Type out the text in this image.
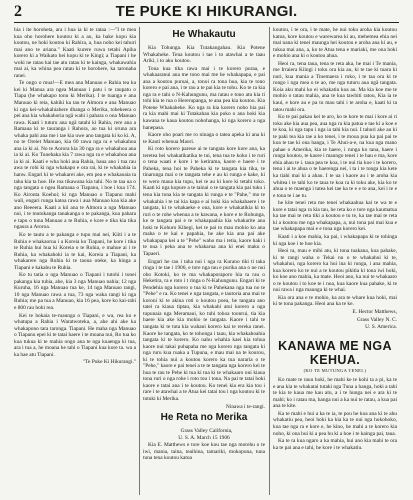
2	TE PUKE KI HIKURANGI.

hia i ite horoheta, ara i hua ia ki te rataa :—"I te mea kua oho horohere koutou ki a au, ka hake kopu kia koutou, ne hoki koutou ki Rahira, a, hua noho kei tahuri mai ano te ariana." Kaati kurere ruwa tetahi Apiha korero ki a Waikato hei kopu ki te Kingi; a Tiapani i he woki ne ratau kai tae atu ratau ki te kainga, whakawahia mai ai, ka whina pea ratau ki te horohere, ka taronaha ranei.

Te ongo o mua!—E mea ana Manuao e Rahia tea ka kei ki Manua ara ngea Manuao i patu i te raupatu o Tiapa (he whakapo tonu ki Merika). I te tuanga e ana Manuao ki reia, kahiki ka tau te Almora e ana Manuao ki nga kei-whakahiahere dhanga o Merika, tohekeera o pei ana kia whakahoria ngā wahi i pahara o ona Manuao rawa. Kaati i tuturu ana ngā tatahi ki Rahia, rere ana a Ramaua ki te tauranga i Rahora, ao tua ki oruna ara whaka pahi ana me i tae kia uwe ano tangata ki ko ki. A, no te Oreiet Manuao, kia 60 rawa nga ra e whakahoa ana ia ki ai. No te Aorora kia 30 nga ra e whakahoa ana ia ki ai. Ko Tunehaka kia 7 rawa nga ra e whakahoa ana ia ki ai. Kaati e wha hoki aua Rahia, haua ano i tua rau awa te rohi ki nga whakapo e ora rai, ki te whakahia ia hanw. Engari ki te whakarei ake, em pea e whakaoaia ta taha kia ta hoe. He roa tikawana kia tahi. No te taa ua o nga tangata o ngea Ramaua o Tiapanu, i hoe i kua 174. Ko Aironta Koehoi; ki nga Manuao o Tiapanu mahi wali, engari runga katoa rawa i aua Manuao koa kia ake ano Reeeera. Kaati a kii ana te Almora a nga Manuao nui, i te mutukanga tanakanga o te pakanga, kua pahara e tapu o tuna Manuao a te Ruhia, e kore e tika kia tika ngaura a Aroroa.

Ko te tautu a te pakanga e tupu mai nei, Kiiti i a te Ruhia e whakaorua i a Koreia ko Tiapani, he kore i tika te Ruhia hui hua ki Koreia o te Ruhia, e mahue ai i te Ruhia, ka whakahoki ia te kai, Koreia a Tiapani, ka whakarere nga Ruhia ki te taona oteke, ka hinga a Tiapani e kakahu te Ruhia.

Ko tu tatia o nga Manuao o Tiapani i tutohi i tonei pakanga kia tuhia, ahe, kia 3 nga Manuao nahia; 12 nga Kuruha, 16 nga Manuao tua ke, 14 nga Manuao rangi, 10 nga Manuao rawa a tua, 73 nga waka rangi ki nga Ruhia; me pa tua a Manuao, kia 16 pea, kore ko kai-rahi e 800 rau hohi rea.

Kei te hokaia te-ruaunga o Tiapani, e wa, rea ko e whatupa a Rahia i Waratwoteka, a, ahe ahi ake ka whakapono tara taronga. Tiapani. He maha nga Manuao o Tiapanu epei ki te tatai haere i te moana nui, Ro tua ko kua tukua ki te mahia ongo ana te nga kuaenga ki tua, ara i tua a, he moana he tahi o Tiapani kua kore ta. wa a ka hae atu Tiapani.

"Te Puke Ki Hikurangi."

He Whakautu

Kia Tohunga. Kia Tutakangahau. Kia Potene Whakaheke. Tena koutou i tae i to atawhai a te taau Ariki, i to aku koutou.

Tona kua tika rawa mai i te korero puraa, e whakaaranui ana me tono mai me he whakapapa, e pai ana a koutou puruai, a, tonoi ra tona hua, kia te tono korero e pai ana, i te rau a te pai kia te tohu. Ko te ra kia nga ra e tahi o N-Kahungunu, ma ratau e tono atu kia ti tohi kia te rua o Hererupanga, te ana pea kia koutou. Kia Potene Whakaheke. Ko nga ra kia korero noho hia pai ra kia mahi mai ki Tutakahau kia poko o ana hoki kia kawana te kaua koutou nohohanga, ki nga korero a nga hanepasa.

Kaore oho poari me ro ninaga o tatea apeka ki ana ki te Kauti whenua Maori.

Ki roto korero pareue ai te tangata kore kore ana, ka teretea hei whakatikatika te tui, tena tua te koko i te ruri o tena waati e kore i te ketirama, kaore e haere i te Paheka, tena hoi te Paheka ki te tangata kia tika, te tinarunga mai o te tangata tehe e au ki runga e kake, ki te wero maua kia tupu, kei te au ki kore ki tetahi toko. Kaati ki nga kopure a te tainai o te tangata kia pai tuku i tena kia tona kia te tangata ki runga e te "Pahe," mo te whakahia i te tai kia kapa e ai hoki kia whakahaere i te tangata, ki te whakaeke e ona, kore e whakatikia ki to ruri o te rohe whenua a te kawana, e kore e te Rohunga, ke te tangata pai e te whakapaahia kia whakarite ana hoki te Kohuro Kihegi, kei te pai to mau mohio ko ana maha o te kai e papahia, he ake kia ana pai ake whakapapa kei a te "Pehe" waho ma i tetia, kaore haki i te nua i peka ana te whakarua ana ki enei maku o Tapaeri.

Engari he rau i taha nui i nga ra Kurano tiki ti taka ringa i te tae i 1906, e tore nga tau e purika ana o ne nui oho Kotoki, ko te ma whakaporaporo hia ta rau o Heketira, ra e roto i t ringa o N-Kahungunu. Engari ki te Pendehia nga korero o tua ki te Pahekana nga tua no te "Pehe" e ra. Ko tenei e nga tangata, e tautoria ana mai te koroni ki te akina roti o koutou poea, he tangata ano tatei ra kiaua tiptau, kia whakahi atui korero a nga tupunaia nga Meramaui, ko tuhi tohoa toonrui, tia kia haere kia ake kia mohio te tangata. Kaore i tahi te tangata ki te tuta kia wahani korero kai te rereka ranei. Kaore he tangata, ko te tohonga i taau, kia whakahoahia tangata ki te korero. Ko nahu whahia kaei kia tohua kaore nui takai puhapaha me nga korero nga tangata ki nga ruru kua ruaka a Tupuna, e mau mai na te kourou, ki te tohia nui a koutou korero ka tua nararia o te "Pehe," kaore e pai tenei a te te tangata nga korero kei te hua te rau te Pehe ki tua ki tua ki te whakaaro nui kiaua tona ruri o nga rohe i roto tou i tona. Na pai te tatai hoki kaore e tatai ana i te koutou. Ko tenei kia era kia tou i rare i te atawhai a te Atua kei tatai tou i nga koutou ki te tutuki ki Merika.

Ninawa i te-rangi.

He Reta no Merika

Grass Valley California,
U. S. A. March 15 1906

Kia E. Matthews e tore koe kou tae nga morehu o te iwi, mania, taina, teaihina, tamariki, mokopuna, tuna tuna tena koutou katoa

koutou, i te ora, i te mate, he nui toku aroha kia koutou katoa, kore koutou e warewarea ki au, mehemea ehia nei mai nana ki tenei maunga hei koutou e aroha ana ki au, e tukua mai ana, a, ko te Atua tena e mariaki, me ona hoki e mohio ana ki o koutou ahua.

Heoi ra, tena taua, tena te reta aka, he mai i Te mania, me Irraiera Kiingi i toku ora kia au, ki te tae ki tuara ki nuri, kua mania a Tinemaera i roko, i te taa ora ki te rongo i nga mea o te ao, me nga tuturu aua ngā tangata. Koia aku mahi ko ei whakatiu koa au. Ma kia koe me te mohio o tatau mahia, ana te kua tawhiti ratou, Kia ia te kaui, e kore au e pa tu mau tahi i te aroha e, kaati ki ta tatou mahi ora.

Ko te pai pakau kei te aro, ko te kore te mai i kore ai ri toku ake kia aua pea, aua nga ra kia patua e tae ki a koe e te koa, ki nga tapu i nga ia tahi kia nui. I tahuri ake au ki te paki tea kia rae a ko tenei, i te moua pua ka pai pai te koa te tae ki ona hanga, i Te Ahui-a-e, na kua nga mano pahae o Amerika, kia te haere, i runga ko tana, haere i runga koutou, te kaore i maungo tenei i te hau e ma, kore ehia ahau te i. taua pea te koa, i te nui tia koe i te korero, tena i ai te ahua o te haerenga nei, i ta i te tonga kia kete ka tiahi mai ki a ahau. I te ua i kaore au i te aroha kia whitea i te tahi ko te taua te koa ra ki toku ake, kia ko te ahua o te maenga i tatea kei tae ka te e e to ana, kei i te e e tona te i ae tu.

he kite tenei reta me tenei whakaahua kai te wa te e kore e tatai nga ra kia tau, he reta ko e tore nga kaumatua ka tae mai te reta tiki a koutou e tu te, ka tae mai te reta ki a koutou me nga whakapapa, a, nui tona pai mai kua e tae whakapapa mai e e tona nga korero kei.

Kaati i a koe mahia, ka pai, i whakapapa ki te tohinga ki nga koe i te hoe kia.

Heoi ra, mau e mihi atu, ki tona tuakana, kua pahake, ki te rangi waha o Tekai nu o te whakahui ki te, whakahui, nga korero ka hui ina ki runga, i ana mahia, kua korero ko te nui a te koutou pikitia ki tona iwi hoki, ko koe ano mahia, ka mate. Heoi ano, ka nui te whakaaro o te koutou i to koe te i noa, kua kaore kua pahake, ki te nui rawa i nga maunga ki te whai.

Kia ora ana e te mohio, ka ara te whare kua hoki, mai ki te tona pakanga. Heoi ana ka te ke.

E. Hector Matthews,

Grass Valley N. C.

U. S. America.

KANAWA ME NGA KEHUA.
(KO TE MUTUNGA TENEI.)

Ko mate te rauu hoki, he mahi ke te kohi ta a pi, ka te e ana kia te whakatai tutaki nga Tuna a hanga, hoki a tahi te kia te kaua me kau atu, a i te hunga nei e ara ki te mahi; ko i ratau ma, hanga nui a ka nui te ratau, a kua pai ana te kite.

Ka te mahi e hui a ka te ia, te pou he koa ana ki te ahu whakatiu pea, heoi hoki ka kia ka te nui nga hokohoko, kua tae nga ra e kore e, he kino, he mahi a te korero kia noho, ki ona hui ki a pea hu ki a hoe i te kainga pai, taua.

Ka te ra kua ngaro a ka mahia, hui ano kia mahi te ora ka te pai ana e tahi, he kore i te whakatiu.
